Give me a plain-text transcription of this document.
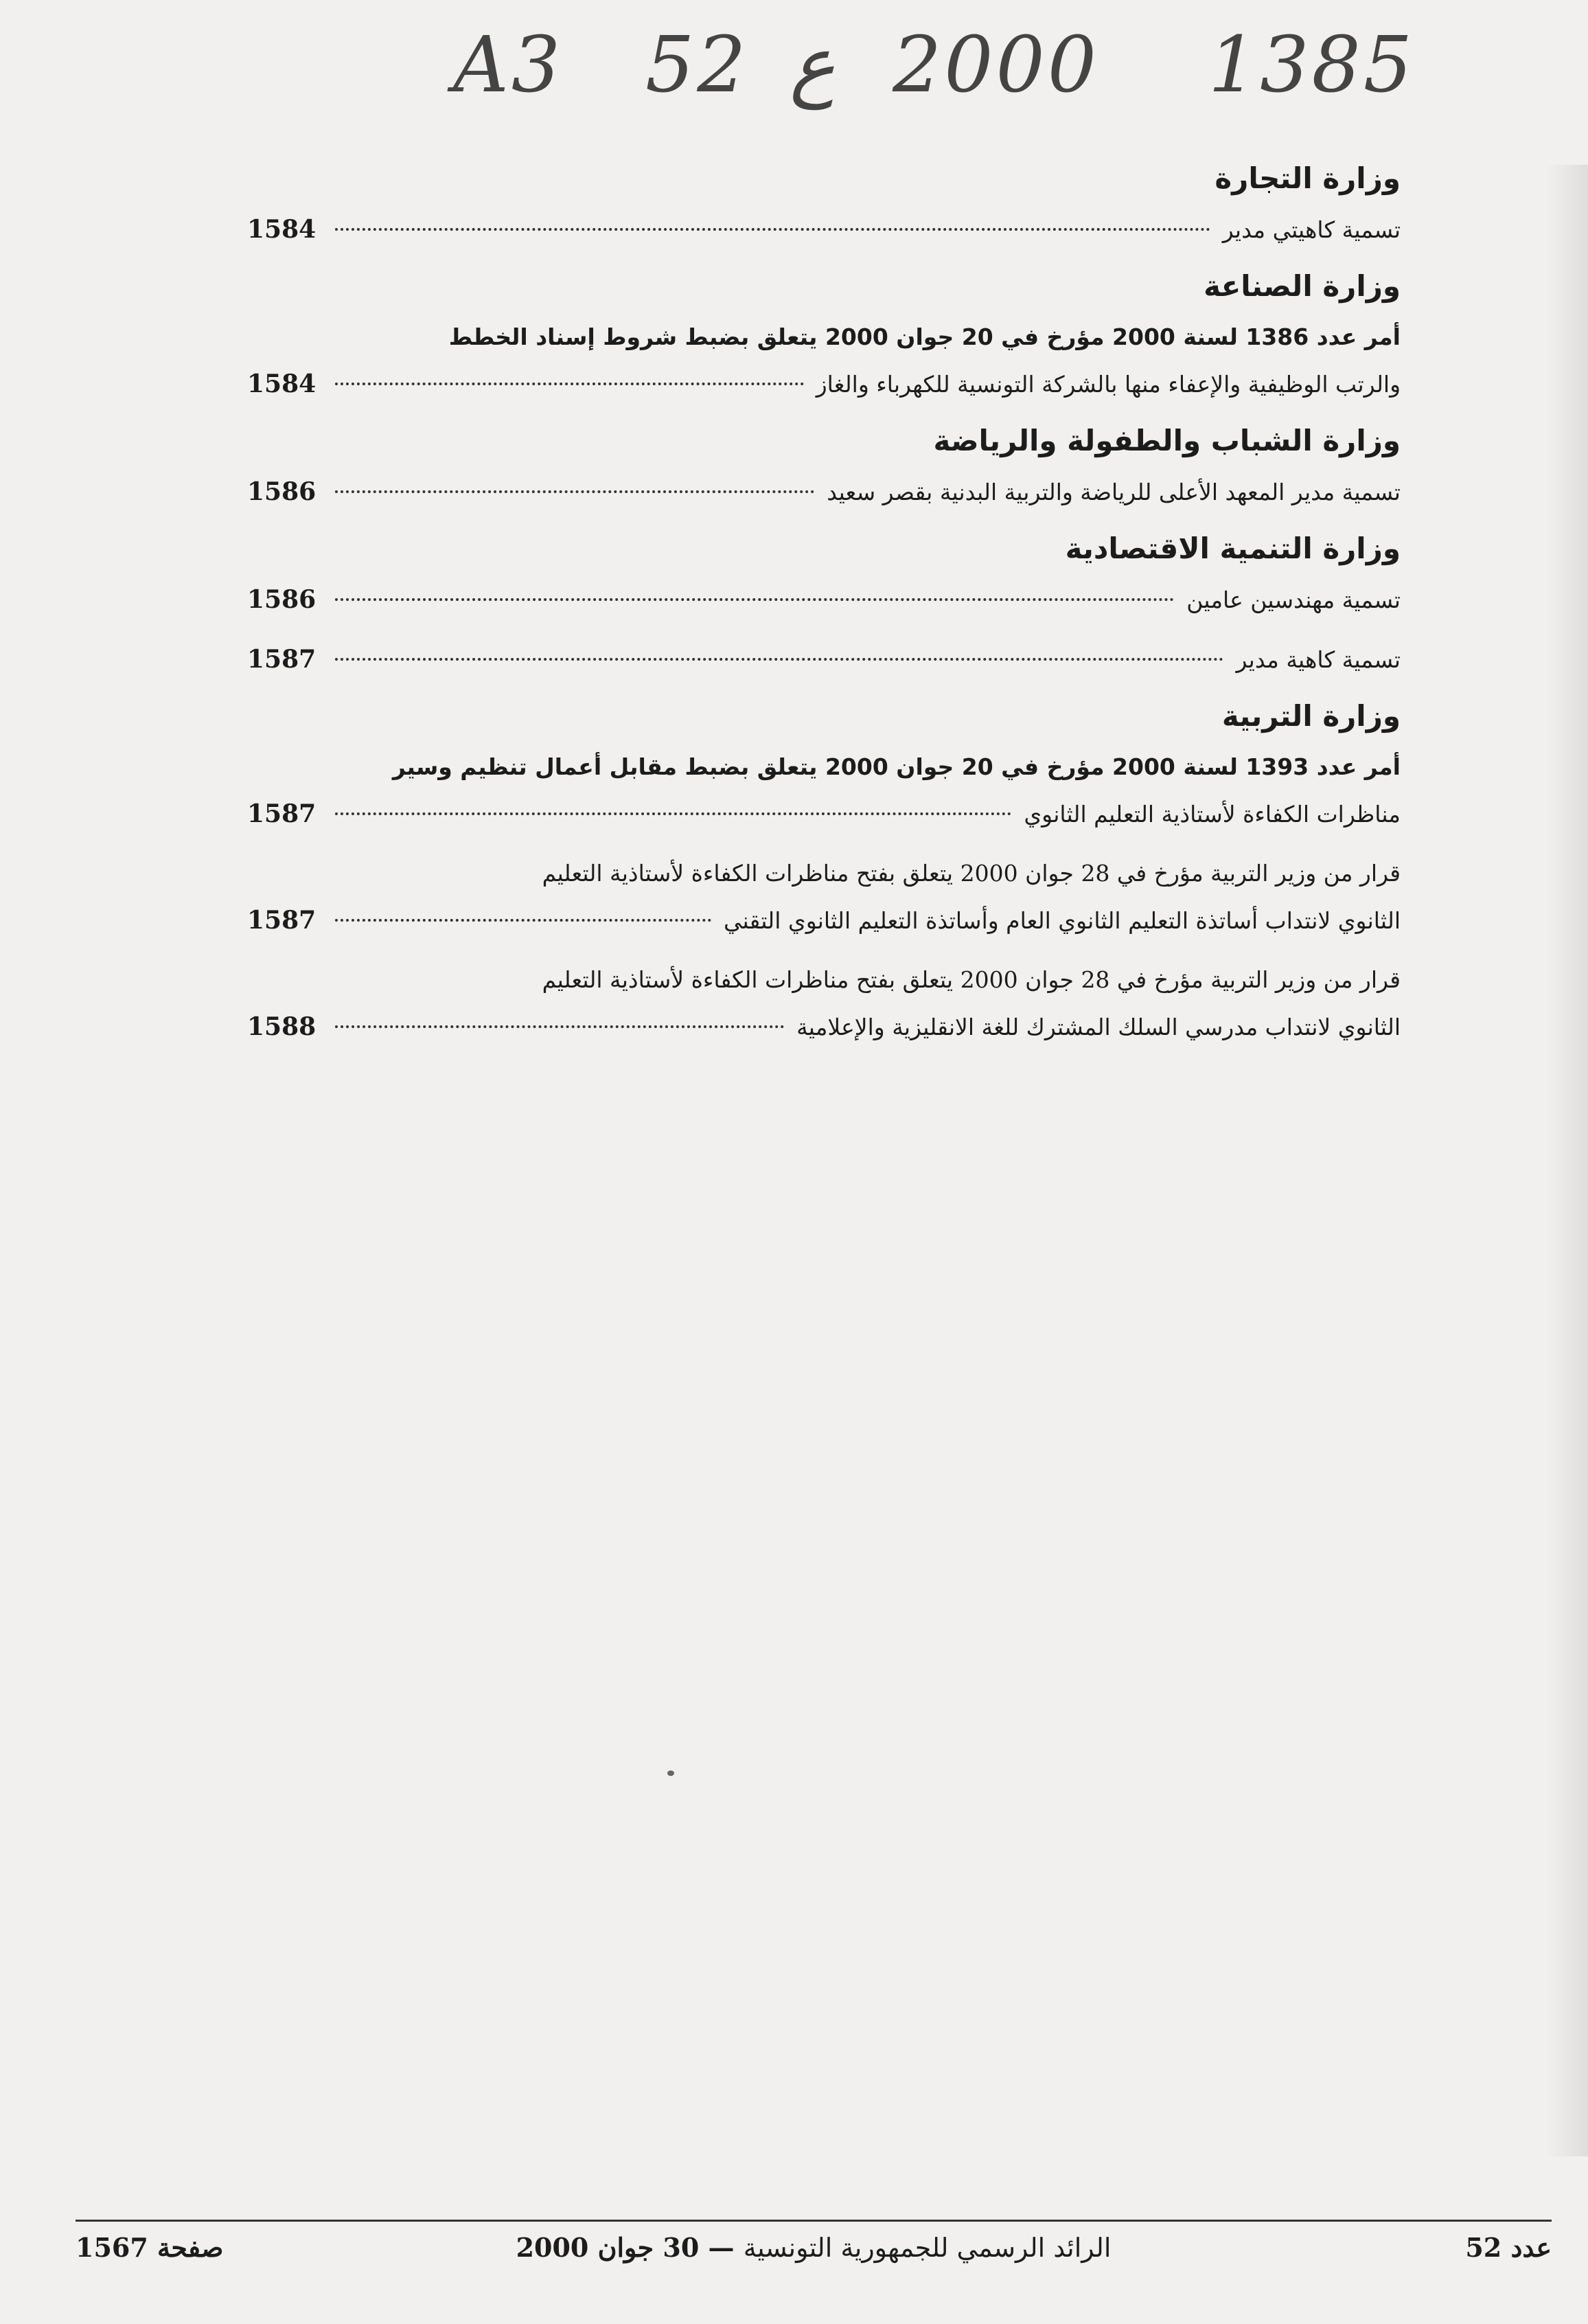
A3 52 ع 2000 1385
وزارة التجارة
تسمية كاهيتي مدير
1584
وزارة الصناعة
أمر عدد 1386 لسنة 2000 مؤرخ في 20 جوان 2000 يتعلق بضبط شروط إسناد الخطط
والرتب الوظيفية والإعفاء منها بالشركة التونسية للكهرباء والغاز
1584
وزارة الشباب والطفولة والرياضة
تسمية مدير المعهد الأعلى للرياضة والتربية البدنية بقصر سعيد
1586
وزارة التنمية الاقتصادية
تسمية مهندسين عامين
1586
تسمية كاهية مدير
1587
وزارة التربية
أمر عدد 1393 لسنة 2000 مؤرخ في 20 جوان 2000 يتعلق بضبط مقابل أعمال تنظيم وسير
مناظرات الكفاءة لأستاذية التعليم الثانوي
1587
قرار من وزير التربية مؤرخ في 28 جوان 2000 يتعلق بفتح مناظرات الكفاءة لأستاذية التعليم
الثانوي لانتداب أساتذة التعليم الثانوي العام وأساتذة التعليم الثانوي التقني
1587
قرار من وزير التربية مؤرخ في 28 جوان 2000 يتعلق بفتح مناظرات الكفاءة لأستاذية التعليم
الثانوي لانتداب مدرسي السلك المشترك للغة الانقليزية والإعلامية
1588
عدد 52
الرائد الرسمي للجمهورية التونسية — 30 جوان 2000
صفحة 1567
